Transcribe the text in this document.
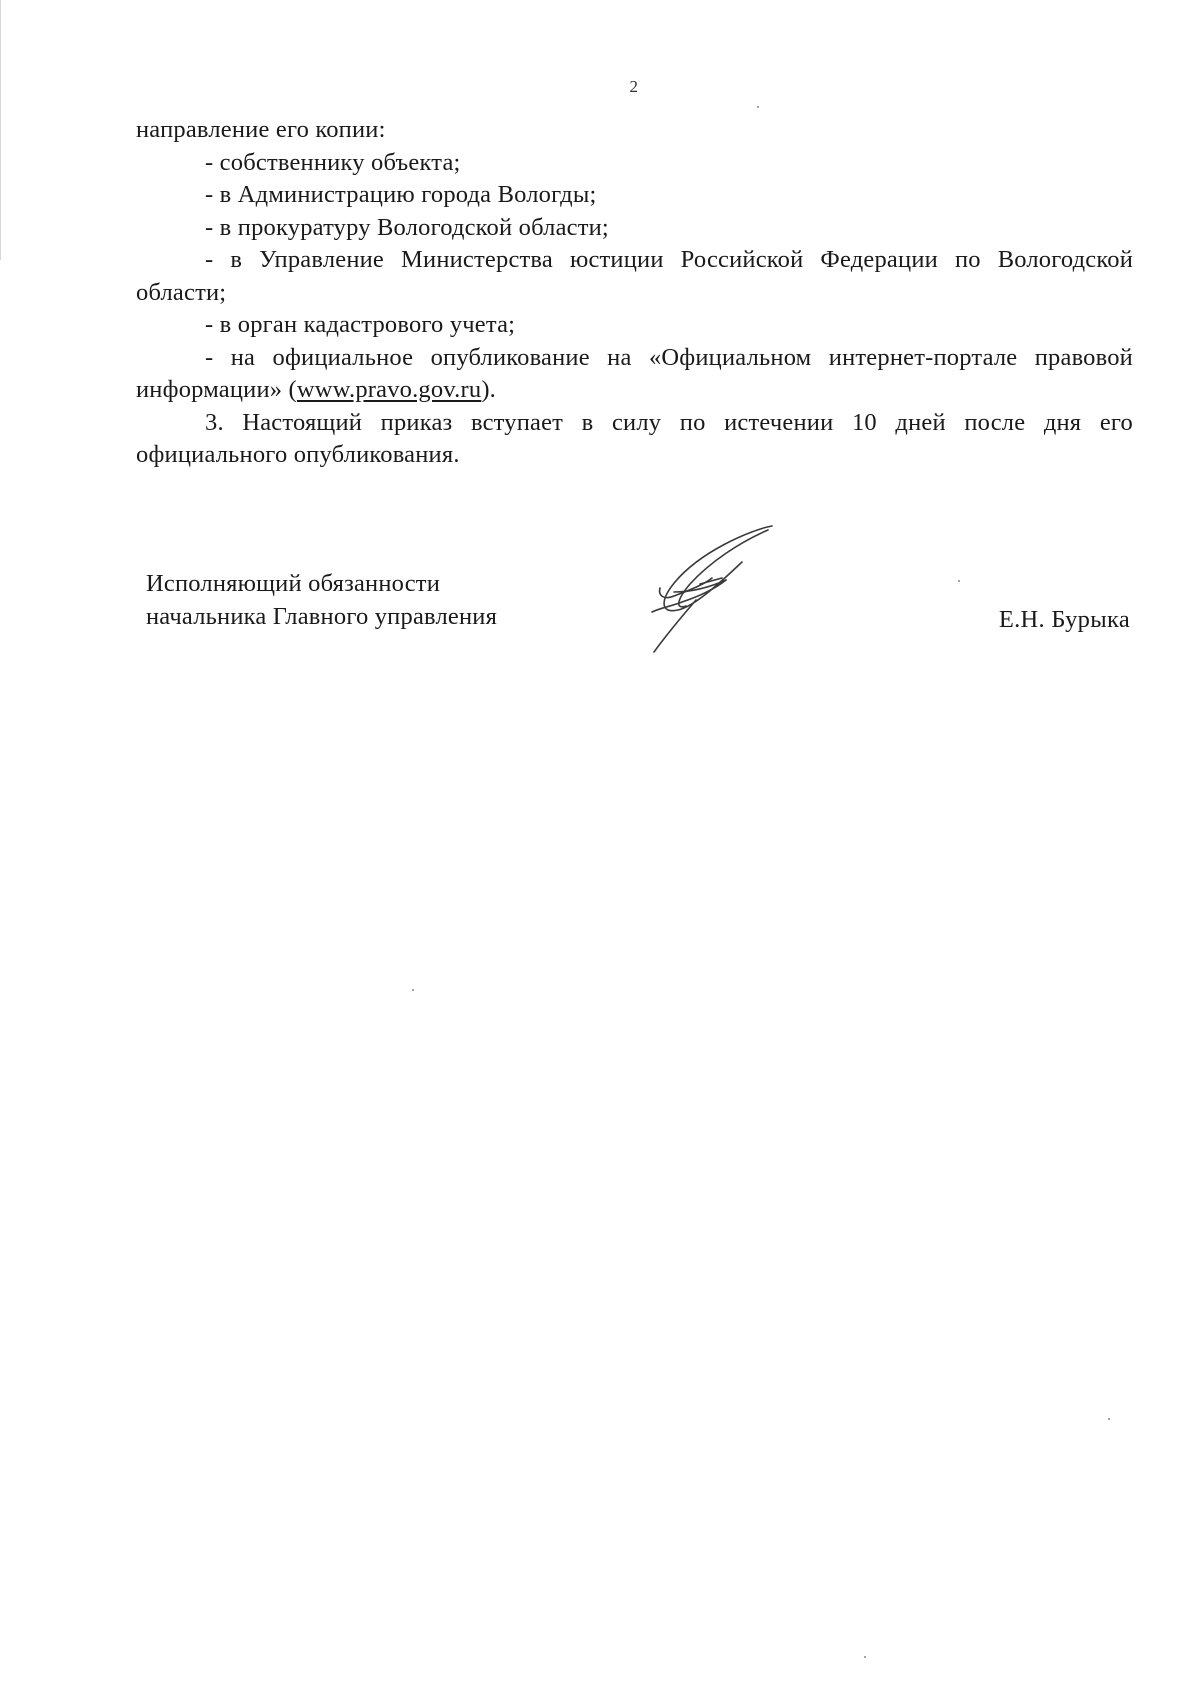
2

направление его копии:

- собственнику объекта;

- в Администрацию города Вологды;

- в прокуратуру Вологодской области;

- в Управление Министерства юстиции Российской Федерации по Вологодской области;

- в орган кадастрового учета;

- на официальное опубликование на «Официальном интернет-портале правовой информации» (www.pravo.gov.ru).

3. Настоящий приказ вступает в силу по истечении 10 дней после дня его официального опубликования.

Исполняющий обязанности
начальника Главного управления	Е.Н. Бурыка
